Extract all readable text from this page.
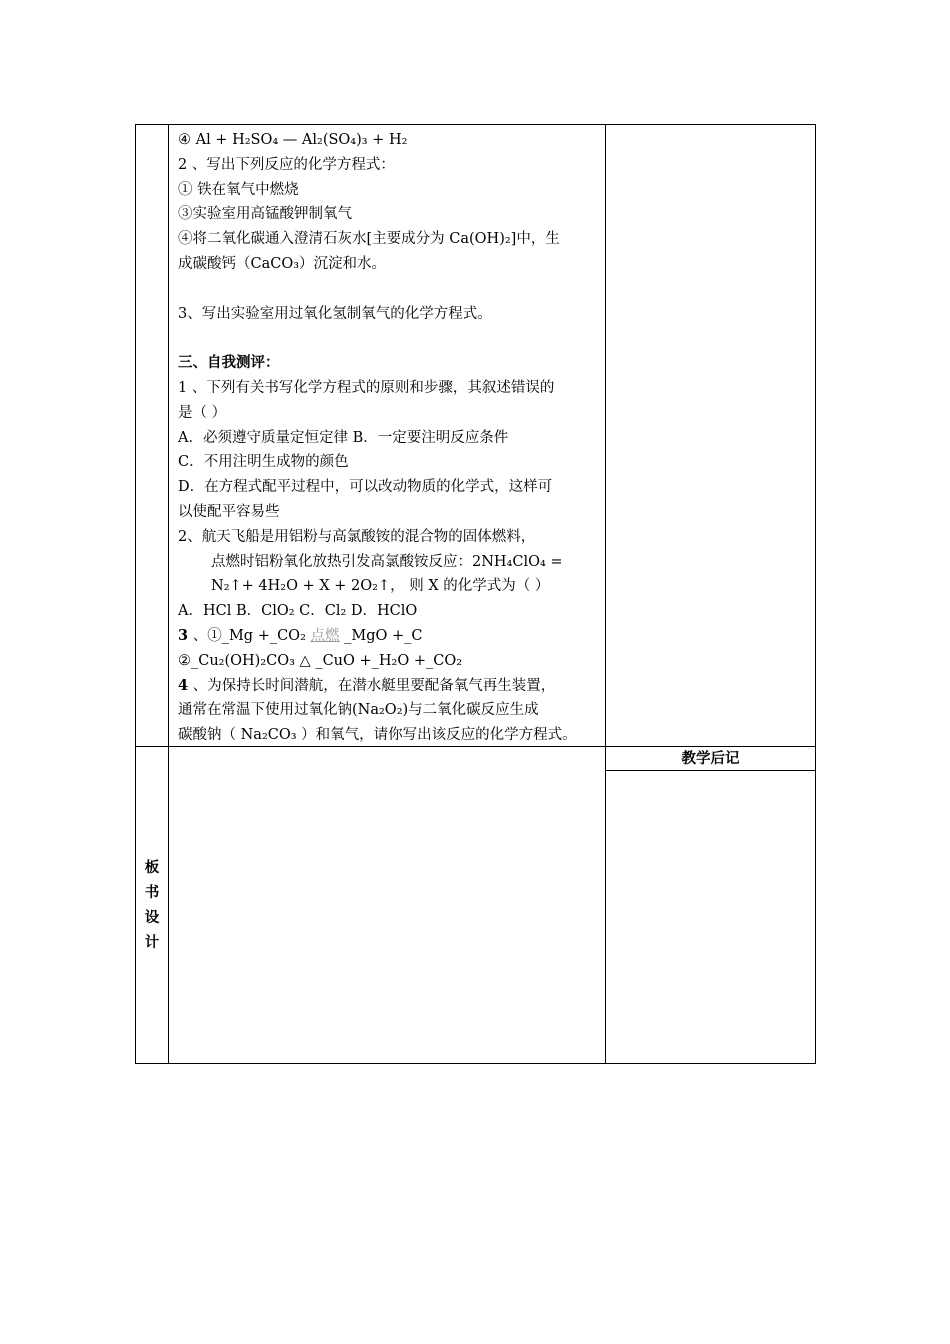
④ Al + H₂SO₄ — Al₂(SO₄)₃ + H₂
2 、写出下列反应的化学方程式：
① 铁在氧气中燃烧
③实验室用高锰酸钾制氧气
④将二氧化碳通入澄清石灰水[主要成分为 Ca(OH)₂]中，生
成碳酸钙（CaCO₃）沉淀和水。
3、写出实验室用过氧化氢制氧气的化学方程式。
三、自我测评：
1 、下列有关书写化学方程式的原则和步骤，其叙述错误的
是（ ）
A．必须遵守质量定恒定律 B．一定要注明反应条件
C．不用注明生成物的颜色
D．在方程式配平过程中，可以改动物质的化学式，这样可
以使配平容易些
2、航天飞船是用铝粉与高氯酸铵的混合物的固体燃料，
点燃时铝粉氧化放热引发高氯酸铵反应：2NH₄ClO₄ =
N₂↑+ 4H₂O + X + 2O₂↑， 则 X 的化学式为（ ）
A．HCl B．ClO₂ C．Cl₂ D．HClO
3 、①_Mg +_CO₂ 点燃 _MgO +_C
②_Cu₂(OH)₂CO₃ △ _CuO +_H₂O +_CO₂
4 、为保持长时间潜航，在潜水艇里要配备氧气再生装置，
通常在常温下使用过氧化钠(Na₂O₂)与二氧化碳反应生成
碳酸钠（ Na₂CO₃ ）和氧气，请你写出该反应的化学方程式。
教学后记
板
书
设
计
